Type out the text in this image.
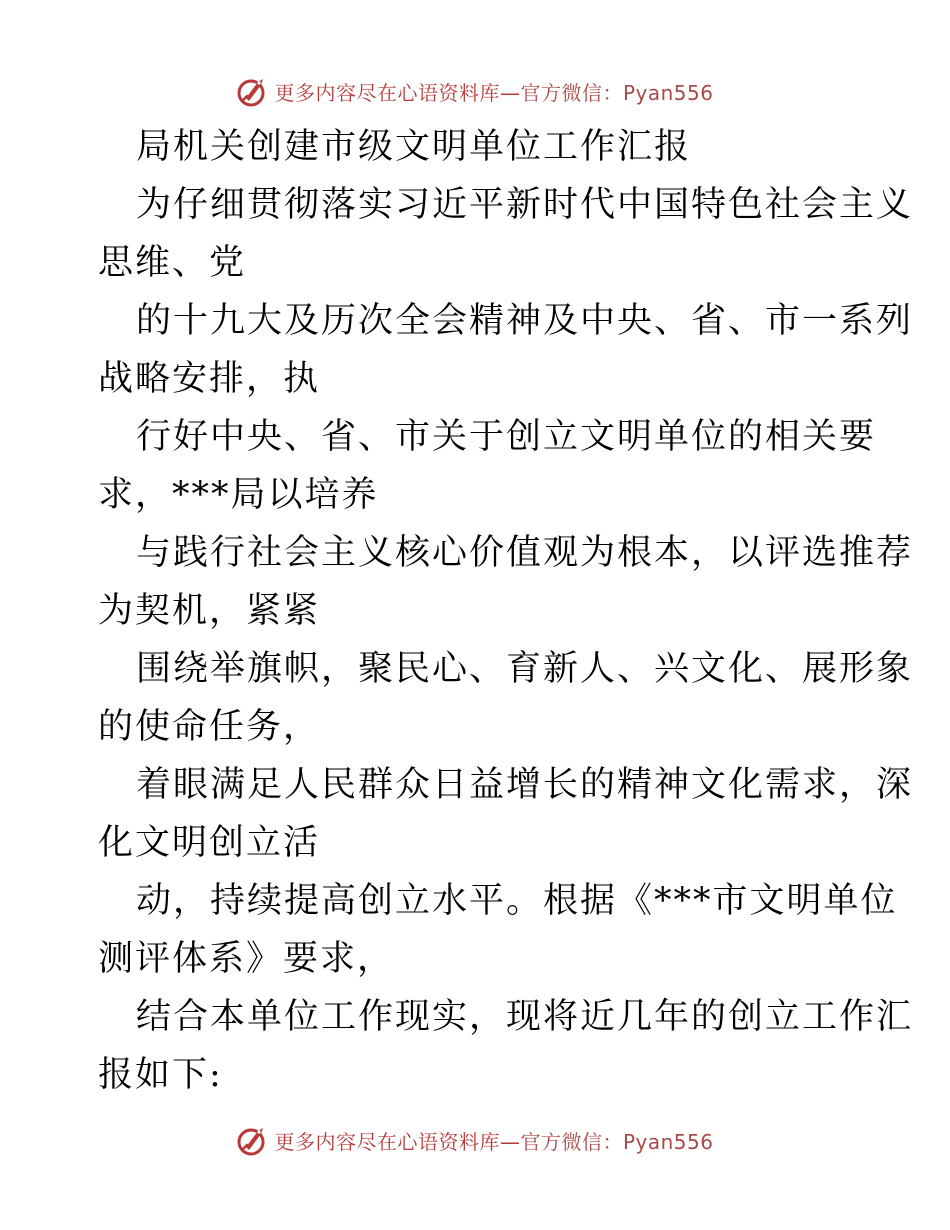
更多内容尽在心语资料库—官方微信：Pyan556
局机关创建市级文明单位工作汇报
为仔细贯彻落实习近平新时代中国特色社会主义
思维、党
的十九大及历次全会精神及中央、省、市一系列
战略安排，执
行好中央、省、市关于创立文明单位的相关要
求，***局以培养
与践行社会主义核心价值观为根本，以评选推荐
为契机，紧紧
围绕举旗帜，聚民心、育新人、兴文化、展形象
的使命任务，
着眼满足人民群众日益增长的精神文化需求，深
化文明创立活
动，持续提高创立水平。根据《***市文明单位
测评体系》要求，
结合本单位工作现实，现将近几年的创立工作汇
报如下:
更多内容尽在心语资料库—官方微信：Pyan556
